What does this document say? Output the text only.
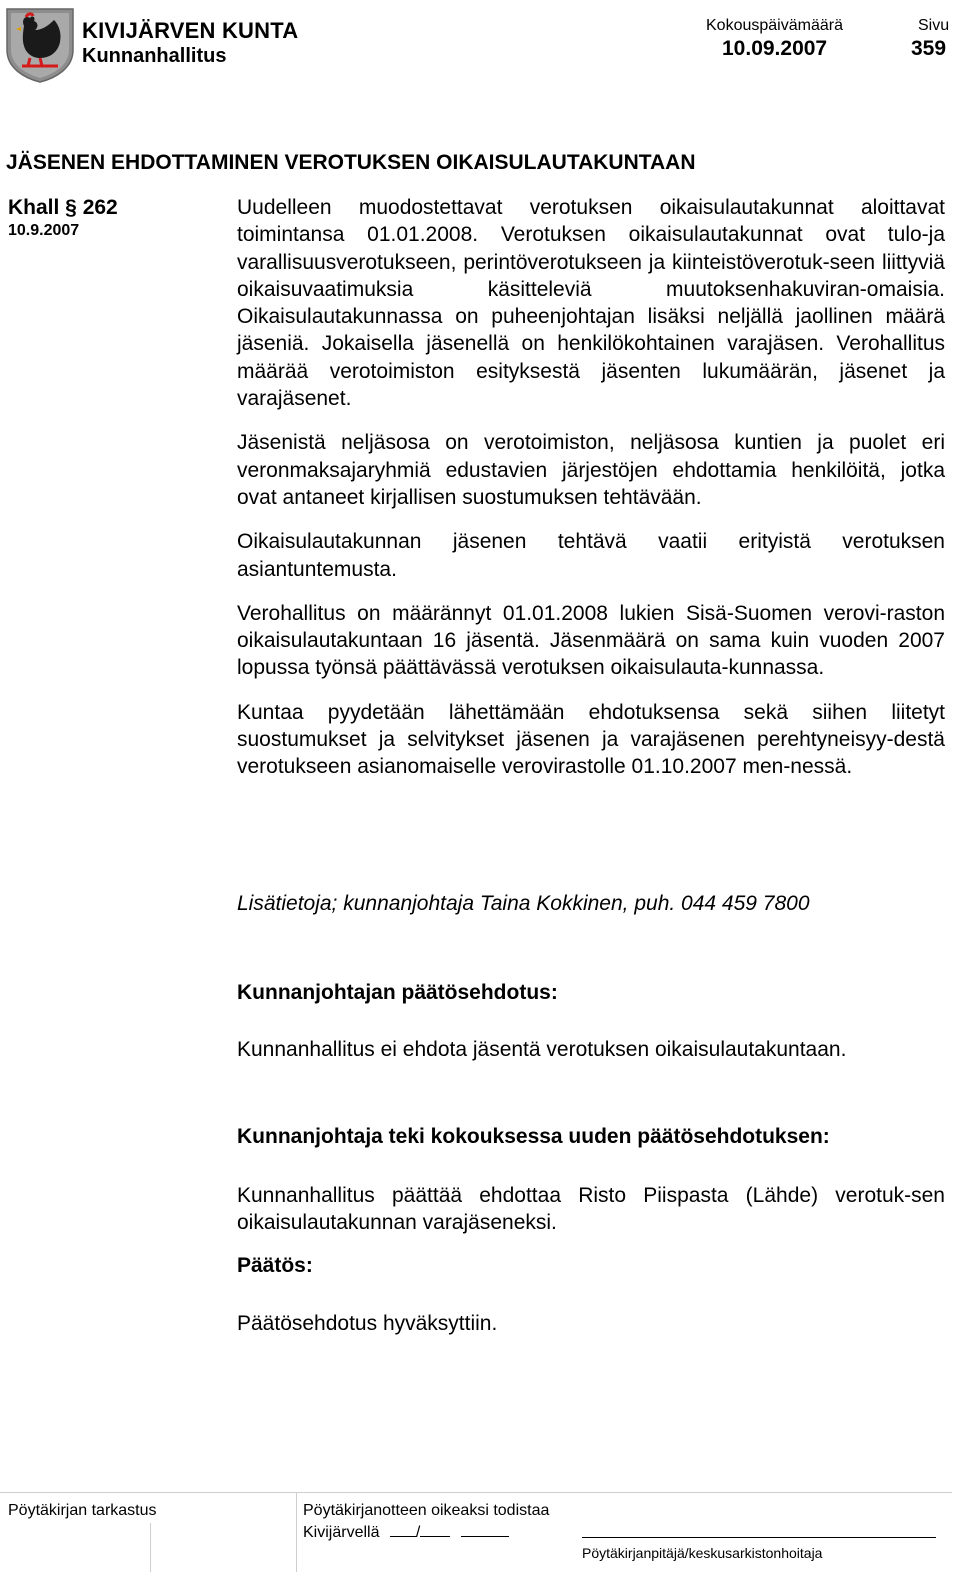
KIVIJÄRVEN KUNTA
Kunnanhallitus
Kokouspäivämäärä
10.09.2007
Sivu
359
JÄSENEN EHDOTTAMINEN VEROTUKSEN OIKAISULAUTAKUNTAAN
Khall § 262
10.9.2007

Uudelleen muodostettavat verotuksen oikaisulautakunnat aloittavat toimintansa 01.01.2008. Verotuksen oikaisulautakunnat ovat tulo-ja varallisuusverotukseen, perintöverotukseen ja kiinteistöverotuk-seen liittyviä oikaisuvaatimuksia käsitteleviä muutoksenhakuviran-omaisia. Oikaisulautakunnassa on puheenjohtajan lisäksi neljällä jaollinen määrä jäseniä. Jokaisella jäsenellä on henkilökohtainen varajäsen. Verohallitus määrää verotoimiston esityksestä jäsenten lukumäärän, jäsenet ja varajäsenet.

Jäsenistä neljäsosa on verotoimiston, neljäsosa kuntien ja puolet eri veronmaksajaryhmiä edustavien järjestöjen ehdottamia henkilöitä, jotka ovat antaneet kirjallisen suostumuksen tehtävään.

Oikaisulautakunnan jäsenen tehtävä vaatii erityistä verotuksen asiantuntemusta.

Verohallitus on määrännyt 01.01.2008 lukien Sisä-Suomen verovi-raston oikaisulautakuntaan 16 jäsentä. Jäsenmäärä on sama kuin vuoden 2007 lopussa työnsä päättävässä verotuksen oikaisulauta-kunnassa.

Kuntaa pyydetään lähettämään ehdotuksensa sekä siihen liitetyt suostumukset ja selvitykset jäsenen ja varajäsenen perehtyneisyy-destä verotukseen asianomaiselle verovirastolle 01.10.2007 men-nessä.

Lisätietoja; kunnanjohtaja Taina Kokkinen, puh. 044 459 7800
Kunnanjohtajan päätösehdotus:
Kunnanhallitus ei ehdota jäsentä verotuksen oikaisulautakuntaan.
Kunnanjohtaja teki kokouksessa uuden päätösehdotuksen:
Kunnanhallitus päättää ehdottaa Risto Piispasta (Lähde) verotuk-sen oikaisulautakunnan varajäseneksi.
Päätös:
Päätösehdotus hyväksyttiin.
Pöytäkirjan tarkastus	Pöytäkirjanotteen oikeaksi todistaa
Kivijärvellä /
Pöytäkirjanpitäjä/keskusarkistonhoitaja
